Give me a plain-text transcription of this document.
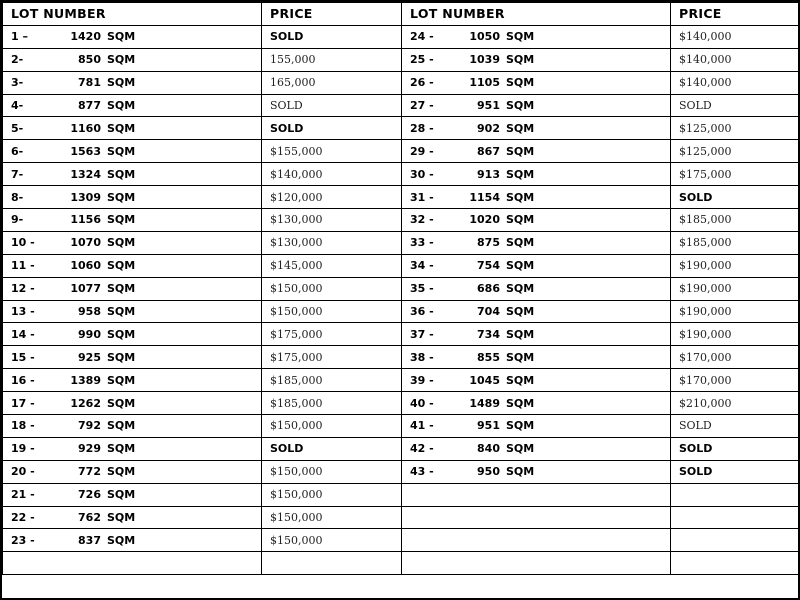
LOT NUMBER	PRICE	LOT NUMBER	PRICE
1 – 1420 SQM	SOLD	24 - 1050 SQM	$140,000
2- 850 SQM	155,000	25 - 1039 SQM	$140,000
3- 781 SQM	165,000	26 - 1105 SQM	$140,000
4- 877 SQM	SOLD	27 - 951 SQM	SOLD
5- 1160 SQM	SOLD	28 - 902 SQM	$125,000
6- 1563 SQM	$155,000	29 - 867 SQM	$125,000
7- 1324 SQM	$140,000	30 - 913 SQM	$175,000
8- 1309 SQM	$120,000	31 - 1154 SQM	SOLD
9- 1156 SQM	$130,000	32 - 1020 SQM	$185,000
10 - 1070 SQM	$130,000	33 - 875 SQM	$185,000
11 - 1060 SQM	$145,000	34 - 754 SQM	$190,000
12 - 1077 SQM	$150,000	35 - 686 SQM	$190,000
13 - 958 SQM	$150,000	36 - 704 SQM	$190,000
14 - 990 SQM	$175,000	37 - 734 SQM	$190,000
15 - 925 SQM	$175,000	38 - 855 SQM	$170,000
16 - 1389 SQM	$185,000	39 - 1045 SQM	$170,000
17 - 1262 SQM	$185,000	40 - 1489 SQM	$210,000
18 - 792 SQM	$150,000	41 - 951 SQM	SOLD
19 - 929 SQM	SOLD	42 - 840 SQM	SOLD
20 - 772 SQM	$150,000	43 - 950 SQM	SOLD
21 - 726 SQM	$150,000		
22 - 762 SQM	$150,000		
23 - 837 SQM	$150,000		
